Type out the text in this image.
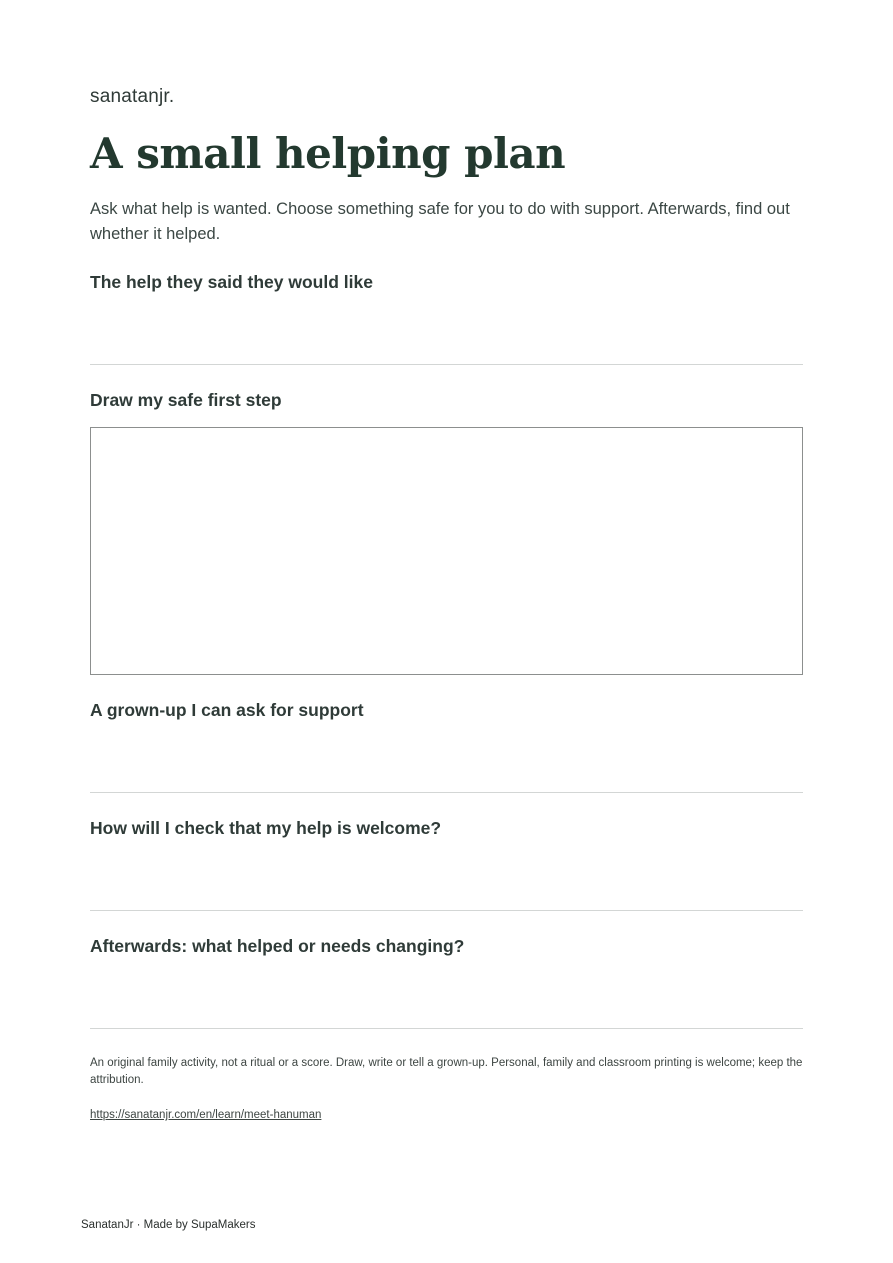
sanatanjr.
A small helping plan

Ask what help is wanted. Choose something safe for you to do with support. Afterwards, find out whether it helped.

The help they said they would like
Draw my safe first step
A grown-up I can ask for support
How will I check that my help is welcome?
Afterwards: what helped or needs changing?

An original family activity, not a ritual or a score. Draw, write or tell a grown-up. Personal, family and classroom printing is welcome; keep the attribution.

https://sanatanjr.com/en/learn/meet-hanuman
SanatanJr · Made by SupaMakers
